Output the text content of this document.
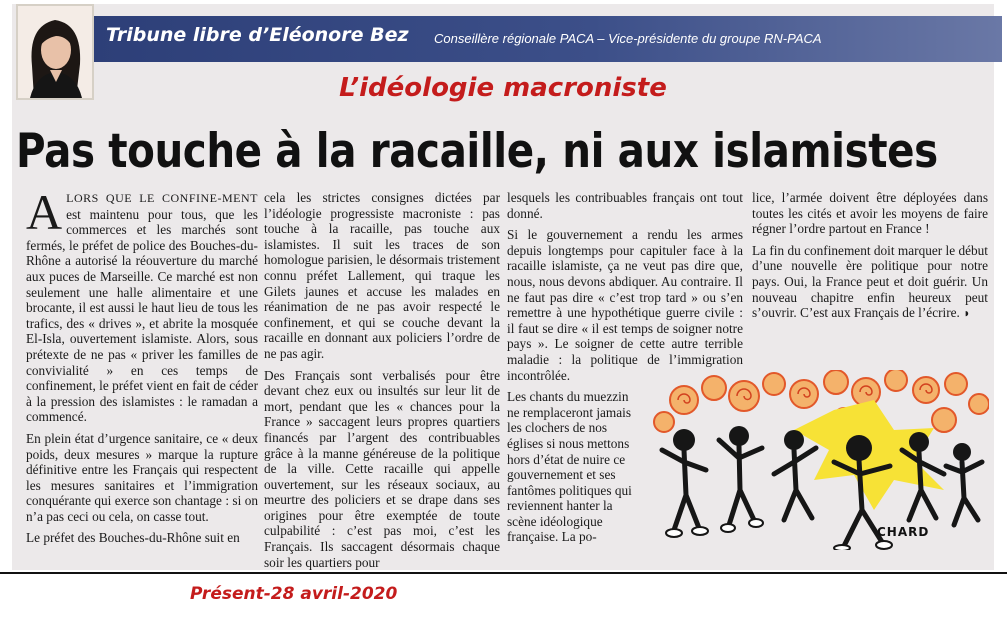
Tribune libre d’Eléonore Bez Conseillère régionale PACA – Vice-présidente du groupe RN-PACA
L’idéologie macroniste
Pas touche à la racaille, ni aux islamistes

ALORS QUE LE CONFINE-MENT est maintenu pour tous, que les commerces et les marchés sont fermés, le préfet de police des Bouches-du-Rhône a autorisé la réouverture du marché aux puces de Marseille. Ce marché est non seulement une halle alimentaire et une brocante, il est aussi le haut lieu de tous les trafics, des « drives », et abrite la mosquée El-Isla, ouvertement islamiste. Alors, sous prétexte de ne pas « priver les familles de convivialité » en ces temps de confinement, le préfet vient en fait de céder à la pression des islamistes : le ramadan a commencé.

En plein état d’urgence sanitaire, ce « deux poids, deux mesures » marque la rupture définitive entre les Français qui respectent les mesures sanitaires et l’immigration conquérante qui exerce son chantage : si on n’a pas ceci ou cela, on casse tout.

Le préfet des Bouches-du-Rhône suit en

cela les strictes consignes dictées par l’idéologie progressiste macroniste : pas touche à la racaille, pas touche aux islamistes. Il suit les traces de son homologue parisien, le désormais tristement connu préfet Lallement, qui traque les Gilets jaunes et accuse les malades en réanimation de ne pas avoir respecté le confinement, et qui se couche devant la racaille en donnant aux policiers l’ordre de ne pas agir.

Des Français sont verbalisés pour être devant chez eux ou insultés sur leur lit de mort, pendant que les « chances pour la France » saccagent leurs propres quartiers financés par l’argent des contribuables grâce à la manne généreuse de la politique de la ville. Cette racaille qui appelle ouvertement, sur les réseaux sociaux, au meurtre des policiers et se drape dans ses origines pour être exemptée de toute culpabilité : c’est pas moi, c’est les Français. Ils saccagent désormais chaque soir les quartiers pour

lesquels les contribuables français ont tout donné.

Si le gouvernement a rendu les armes depuis longtemps pour capituler face à la racaille islamiste, ça ne veut pas dire que, nous, nous devons abdiquer. Au contraire. Il ne faut pas dire « c’est trop tard » ou s’en remettre à une hypothétique guerre civile : il faut se dire « il est temps de soigner notre pays ». Le soigner de cette autre terrible maladie : la politique de l’immigration incontrôlée.

Les chants du muezzin ne remplaceront jamais les clochers de nos églises si nous mettons hors d’état de nuire ce gouvernement et ses fantômes politiques qui reviennent hanter la scène idéologique française. La po-

lice, l’armée doivent être déployées dans toutes les cités et avoir les moyens de faire régner l’ordre partout en France !

La fin du confinement doit marquer le début d’une nouvelle ère politique pour notre pays. Oui, la France peut et doit guérir. Un nouveau chapitre enfin heureux peut s’ouvrir. C’est aux Français de l’écrire. ◗

CHARD
Présent-28 avril-2020
